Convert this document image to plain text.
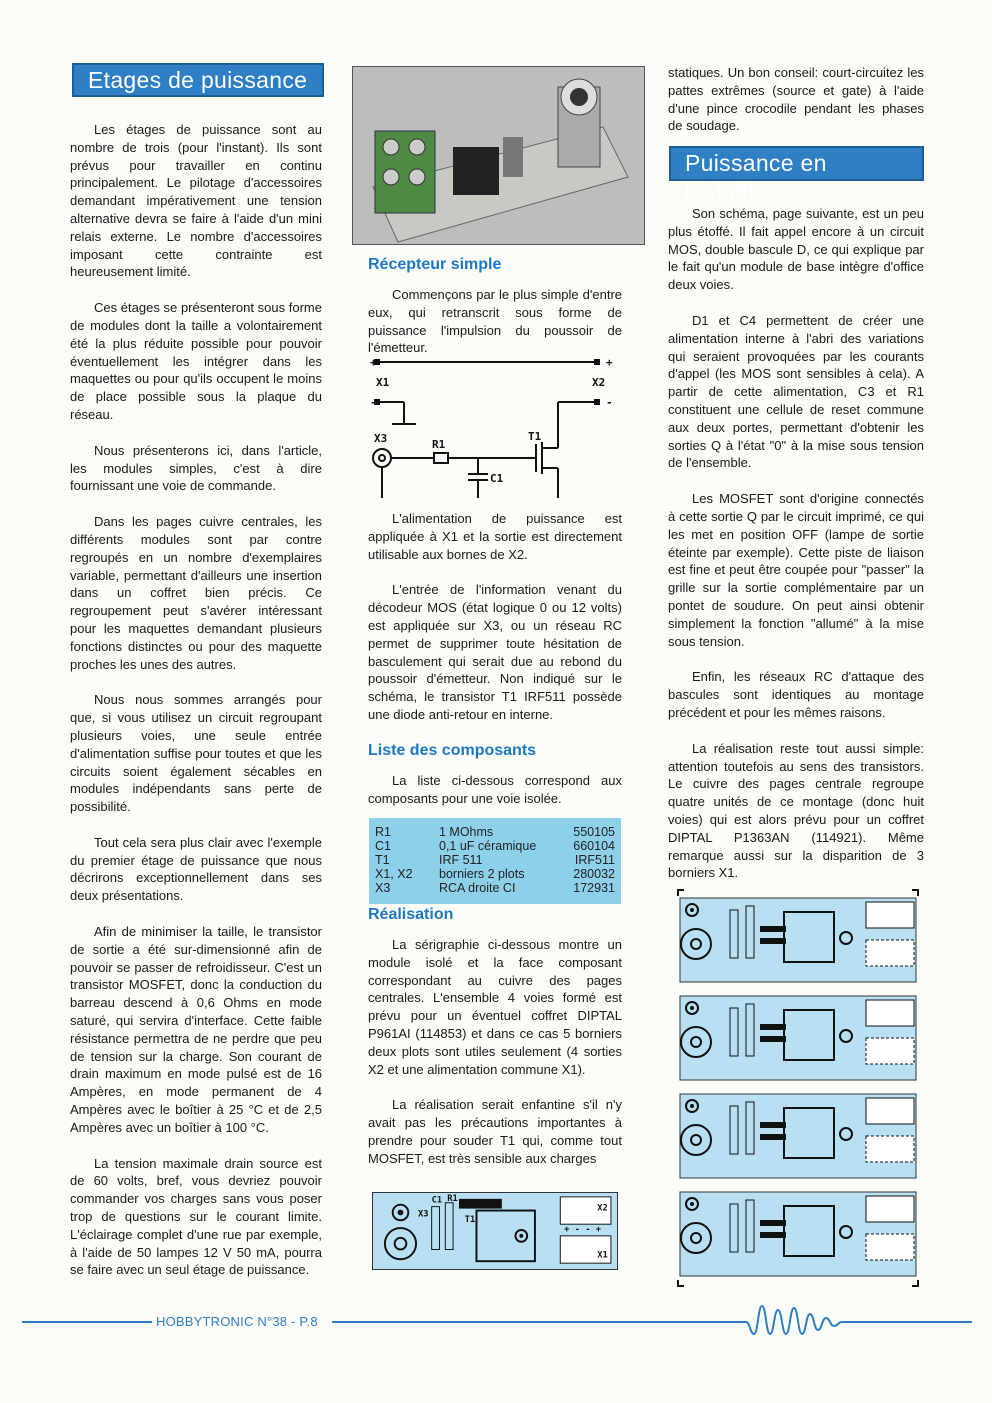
Etages de puissance

Les étages de puissance sont au nombre de trois (pour l'instant). Ils sont prévus pour travailler en continu principalement. Le pilotage d'accessoires demandant impérativement une tension alternative devra se faire à l'aide d'un mini relais externe. Le nombre d'accessoires imposant cette contrainte est heureusement limité.

Ces étages se présenteront sous forme de modules dont la taille a volontairement été la plus réduite possible pour pouvoir éventuellement les intégrer dans les maquettes ou pour qu'ils occupent le moins de place possible sous la plaque du réseau.

Nous présenterons ici, dans l'article, les modules simples, c'est à dire fournissant une voie de commande.

Dans les pages cuivre centrales, les différents modules sont par contre regroupés en un nombre d'exemplaires variable, permettant d'ailleurs une insertion dans un coffret bien précis. Ce regroupement peut s'avérer intéressant pour les maquettes demandant plusieurs fonctions distinctes ou pour des maquette proches les unes des autres.

Nous nous sommes arrangés pour que, si vous utilisez un circuit regroupant plusieurs voies, une seule entrée d'alimentation suffise pour toutes et que les circuits soient également sécables en modules indépendants sans perte de possibilité.

Tout cela sera plus clair avec l'exemple du premier étage de puissance que nous décrirons exceptionnellement dans ses deux présentations.

Afin de minimiser la taille, le transistor de sortie a été sur-dimensionné afin de pouvoir se passer de refroidisseur. C'est un transistor MOSFET, donc la conduction du barreau descend à 0,6 Ohms en mode saturé, qui servira d'interface. Cette faible résistance permettra de ne perdre que peu de tension sur la charge. Son courant de drain maximum en mode pulsé est de 16 Ampères, en mode permanent de 4 Ampères avec le boîtier à 25 °C et de 2,5 Ampères avec un boîtier à 100 °C.

La tension maximale drain source est de 60 volts, bref, vous devriez pouvoir commander vos charges sans vous poser trop de questions sur le courant limite. L'éclairage complet d'une rue par exemple, à l'aide de 50 lampes 12 V 50 mA, pourra se faire avec un seul étage de puissance.

Récepteur simple

Commençons par le plus simple d'entre eux, qui retranscrit sous forme de puissance l'impulsion du poussoir de l'émetteur.

+	+
X1	X2
-	-
X3	R1
T1
C1

L'alimentation de puissance est appliquée à X1 et la sortie est directement utilisable aux bornes de X2.

L'entrée de l'information venant du décodeur MOS (état logique 0 ou 12 volts) est appliquée sur X3, ou un réseau RC permet de supprimer toute hésitation de basculement qui serait due au rebond du poussoir d'émetteur. Non indiqué sur le schéma, le transistor T1 IRF511 possède une diode anti-retour en interne.

Liste des composants

La liste ci-dessous correspond aux composants pour une voie isolée.

R1	1 MOhms	550105
C1	0,1 uF céramique	660104
T1	IRF 511	IRF511
X1, X2 borniers 2 plots	280032
X3	RCA droite CI	172931
Réalisation

La sérigraphie ci-dessous montre un module isolé et la face composant correspondant au cuivre des pages centrales. L'ensemble 4 voies formé est prévu pour un éventuel coffret DIPTAL P961AI (114853) et dans ce cas 5 borniers deux plots sont utiles seulement (4 sorties X2 et une alimentation commune X1).

La réalisation serait enfantine s'il n'y avait pas les précautions importantes à prendre pour souder T1 qui, comme tout MOSFET, est très sensible aux charges

X3
C1 R1
T1
X2
X1
+ - - +

statiques. Un bon conseil: court-circuitez les pattes extrêmes (source et gate) à l'aide d'une pince crocodile pendant les phases de soudage.

Puissance en bistable

Son schéma, page suivante, est un peu plus étoffé. Il fait appel encore à un circuit MOS, double bascule D, ce qui explique par le fait qu'un module de base intègre d'office deux voies.

D1 et C4 permettent de créer une alimentation interne à l'abri des variations qui seraient provoquées par les courants d'appel (les MOS sont sensibles à cela). A partir de cette alimentation, C3 et R1 constituent une cellule de reset commune aux deux portes, permettant d'obtenir les sorties Q à l'état "0" à la mise sous tension de l'ensemble.

Les MOSFET sont d'origine connectés à cette sortie Q par le circuit imprimé, ce qui les met en position OFF (lampe de sortie éteinte par exemple). Cette piste de liaison est fine et peut être coupée pour "passer" la grille sur la sortie complémentaire par un pontet de soudure. On peut ainsi obtenir simplement la fonction "allumé" à la mise sous tension.

Enfin, les réseaux RC d'attaque des bascules sont identiques au montage précédent et pour les mêmes raisons.

La réalisation reste tout aussi simple: attention toutefois au sens des transistors. Le cuivre des pages centrale regroupe quatre unités de ce montage (donc huit voies) qui est alors prévu pour un coffret DIPTAL P1363AN (114921). Même remarque aussi sur la disparition de 3 borniers X1.

HOBBYTRONIC N°38 - P.8
